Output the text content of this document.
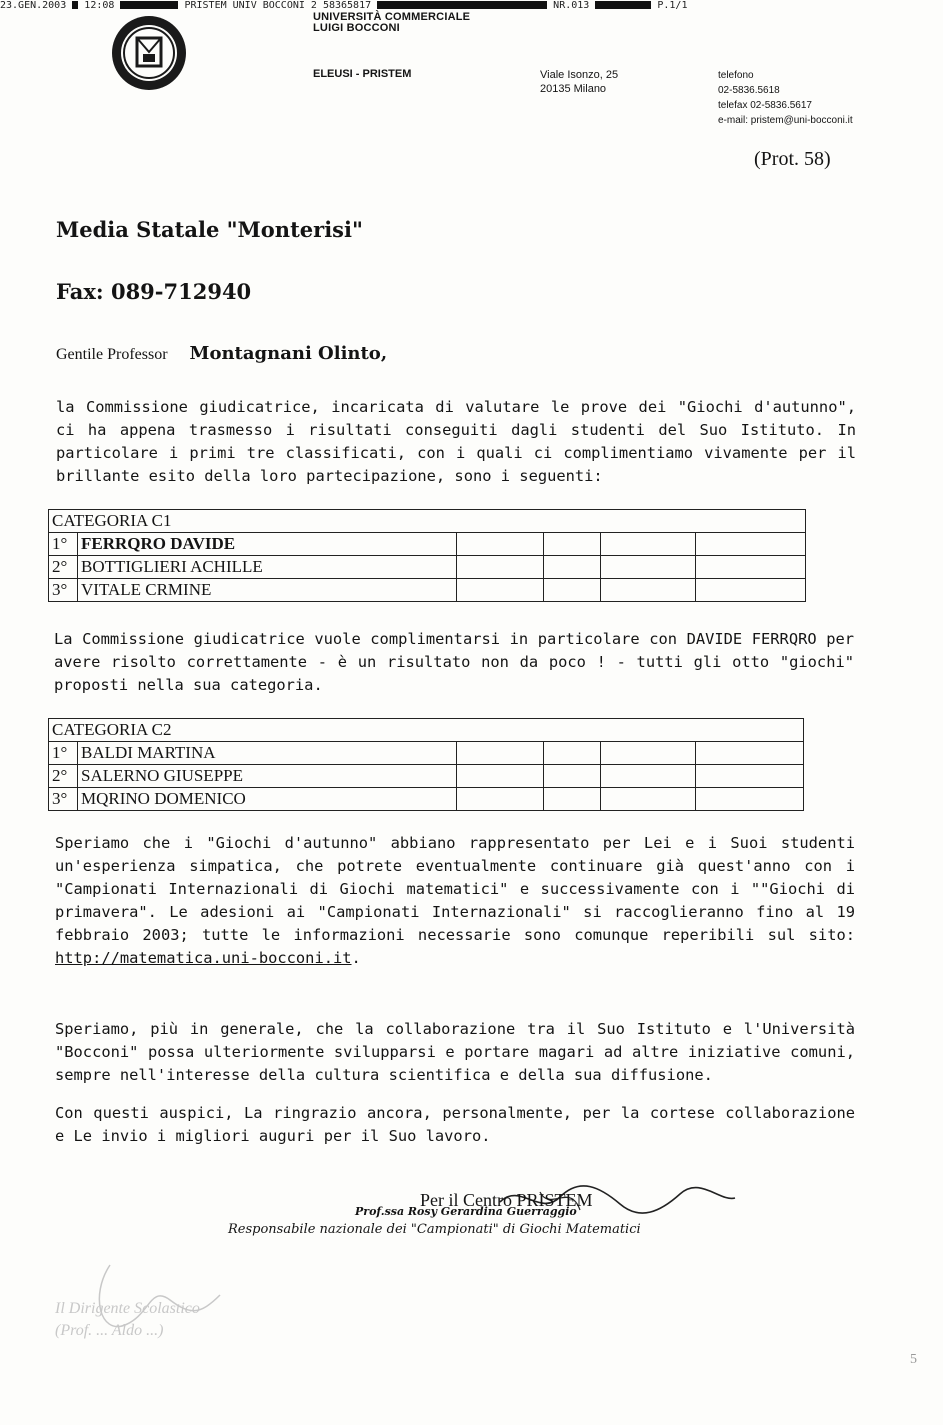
23.GEN.2003 12:08	PRISTEM UNIV BOCCONI 2 58365817	NR.013	P.1/1
UNIVERSITÀ COMMERCIALE
LUIGI BOCCONI
ELEUSI - PRISTEM	Viale Isonzo, 25
20135 Milano
telefono
02-5836.5618
telefax 02-5836.5617
e-mail: pristem@uni-bocconi.it
(Prot. 58)
Media Statale "Monterisi"
Fax: 089-712940
Gentile Professor Montagnani Olinto,
la Commissione giudicatrice, incaricata di valutare le prove dei "Giochi d'autunno", ci ha appena trasmesso i risultati conseguiti dagli studenti del Suo Istituto. In particolare i primi tre classificati, con i quali ci complimentiamo vivamente per il brillante esito della loro partecipazione, sono i seguenti:
CATEGORIA C1					
1°	FERRQRO DAVIDE				
2°	BOTTIGLIERI ACHILLE				
3°	VITALE CRMINE				
La Commissione giudicatrice vuole complimentarsi in particolare con DAVIDE FERRQRO per avere risolto correttamente - è un risultato non da poco ! - tutti gli otto "giochi" proposti nella sua categoria.
CATEGORIA C2					
1°	BALDI MARTINA				
2°	SALERNO GIUSEPPE				
3°	MQRINO DOMENICO				
Speriamo che i "Giochi d'autunno" abbiano rappresentato per Lei e i Suoi studenti un'esperienza simpatica, che potrete eventualmente continuare già quest'anno con i "Campionati Internazionali di Giochi matematici" e successivamente con i ""Giochi di primavera". Le adesioni ai "Campionati Internazionali" si raccoglieranno fino al 19 febbraio 2003; tutte le informazioni necessarie sono comunque reperibili sul sito: http://matematica.uni-bocconi.it.
Speriamo, più in generale, che la collaborazione tra il Suo Istituto e l'Università "Bocconi" possa ulteriormente svilupparsi e portare magari ad altre iniziative comuni, sempre nell'interesse della cultura scientifica e della sua diffusione.
Con questi auspici, La ringrazio ancora, personalmente, per la cortese collaborazione e Le invio i migliori auguri per il Suo lavoro.
Per il Centro PRISTEM
Prof.ssa Rosy Gerardina Guerraggio
Responsabile nazionale dei "Campionati" di Giochi Matematici
Il Dirigente Scolastico
(Prof. ... Aldo ...)
5
